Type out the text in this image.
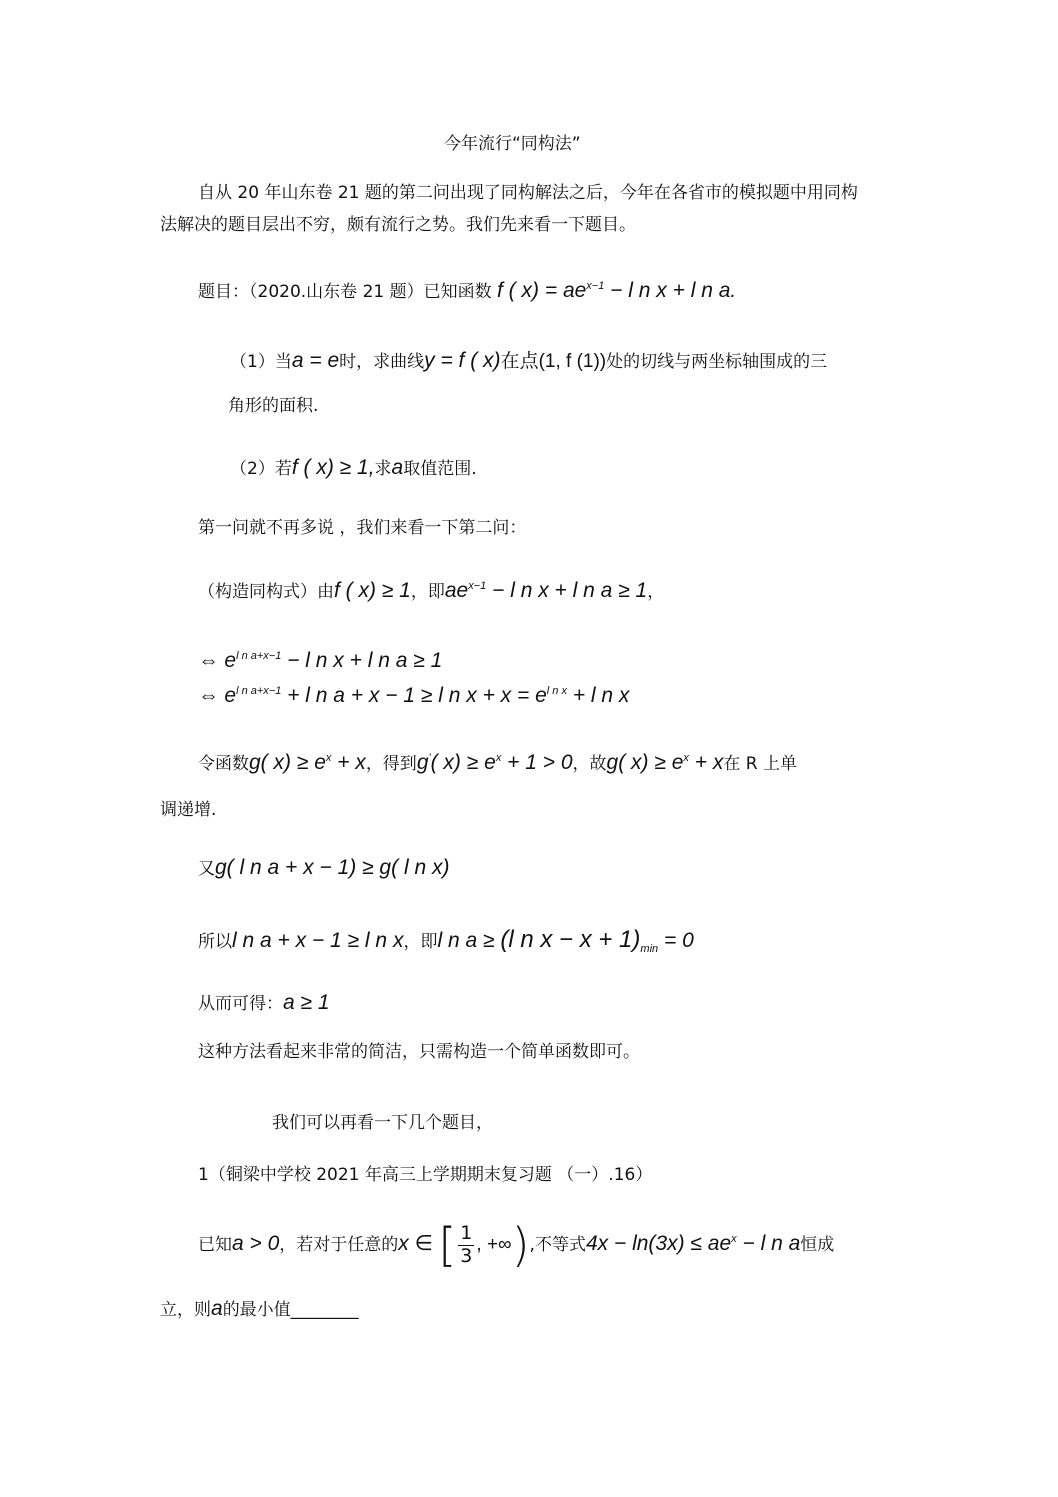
今年流行“同构法”
自从 20 年山东卷 21 题的第二问出现了同构解法之后，今年在各省市的模拟题中用同构
法解决的题目层出不穷，颇有流行之势。我们先来看一下题目。
题目：（2020.山东卷 21 题）已知函数 f ( $x) = ae^{x-1} - l$ n x + l n a.
（1）当a = e时，求曲线y = f ( x)在点(1, f (1))处的切线与两坐标轴围成的三
角形的面积.
（2）若f ( x) ≥ 1,求a取值范围.
第一问就不再多说 ，我们来看一下第二问：
（构造同构式）由f ( x) ≥ 1，即$ae^{x-1} - l$ n x + l n a ≥ 1，
⇔ $e^{l n a+x-1} - l$ n x + l n a ≥ 1
⇔ $e^{l n a+x-1} + l$ n a + x − 1 ≥ l n $x + x = e^{l n x} + l$ n x
令函数g( $x) \ge e^x + x$，得到g'( $x) \ge e^x + 1 > 0$，故g( $x) \ge e^x + x$在 R 上单
调递增.
又g( l n a + x − 1) ≥ g( l n x)
所以l n a + x − 1 ≥ l n x，即l n a ≥ (l n $x - x + 1)_{min} = 0$
从而可得：a ≥ 1
这种方法看起来非常的简洁，只需构造一个简单函数即可。
我们可以再看一下几个题目，
1（铜梁中学校 2021 年高三上学期期末复习题 （一）.16）
已知a > 0，若对于任意的x ∈ [ $\frac{1}{3}$ , +∞),不等式$4x - \ln(3x) \le ae^x - l$ n a恒成
立，则a的最小值________
